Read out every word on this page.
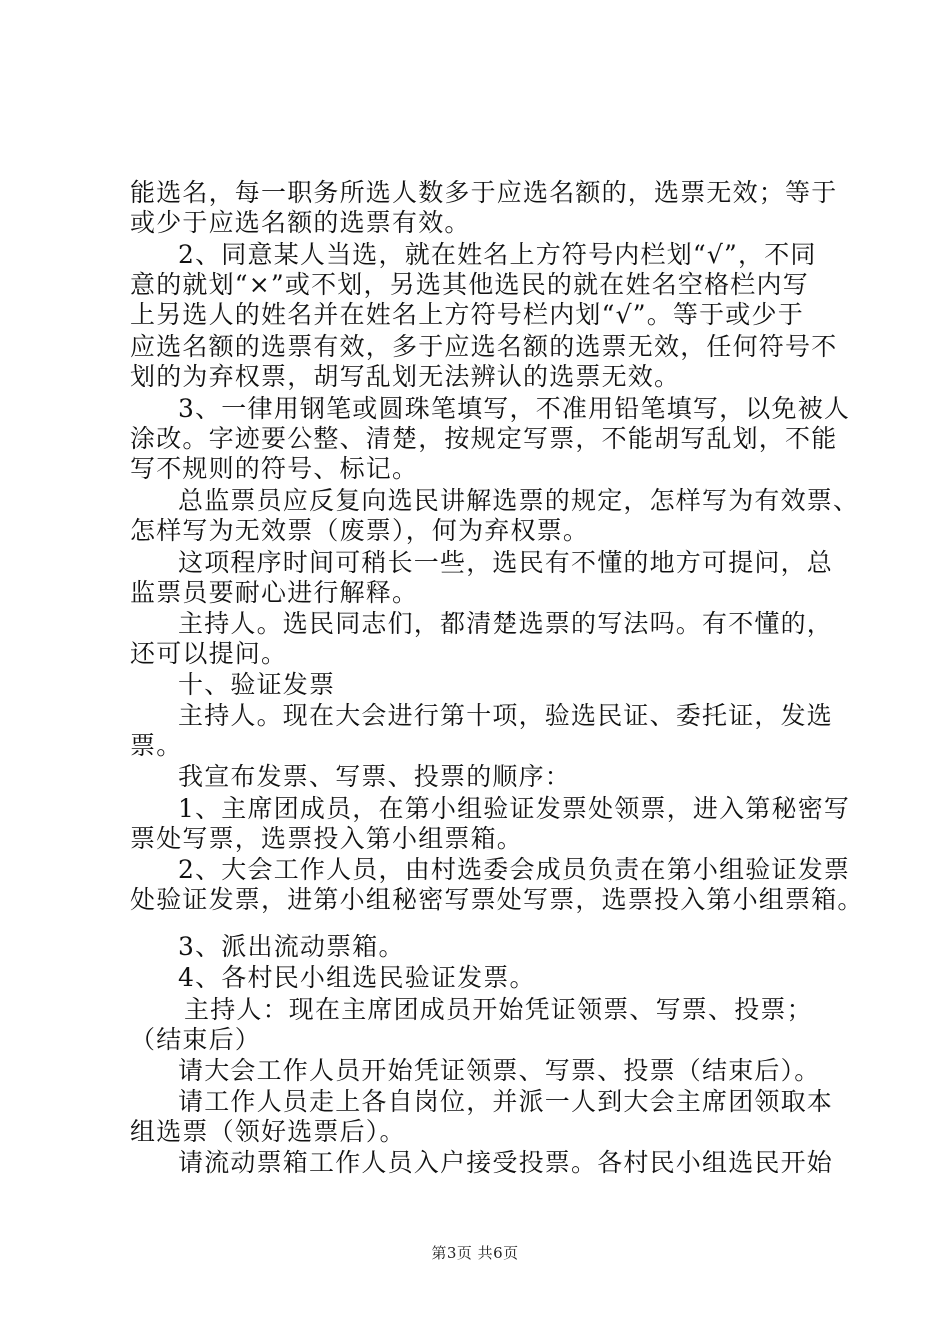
能选名，每一职务所选人数多于应选名额的，选票无效；等于
或少于应选名额的选票有效。
2、同意某人当选，就在姓名上方符号内栏划“√”，不同
意的就划“×”或不划，另选其他选民的就在姓名空格栏内写
上另选人的姓名并在姓名上方符号栏内划“√”。等于或少于
应选名额的选票有效，多于应选名额的选票无效，任何符号不
划的为弃权票，胡写乱划无法辨认的选票无效。
3、一律用钢笔或圆珠笔填写，不准用铅笔填写，以免被人
涂改。字迹要公整、清楚，按规定写票，不能胡写乱划，不能
写不规则的符号、标记。
总监票员应反复向选民讲解选票的规定，怎样写为有效票、
怎样写为无效票（废票），何为弃权票。
这项程序时间可稍长一些，选民有不懂的地方可提问，总
监票员要耐心进行解释。
主持人。选民同志们，都清楚选票的写法吗。有不懂的，
还可以提问。
十、验证发票
主持人。现在大会进行第十项，验选民证、委托证，发选
票。
我宣布发票、写票、投票的顺序：
1、主席团成员，在第小组验证发票处领票，进入第秘密写
票处写票，选票投入第小组票箱。
2、大会工作人员，由村选委会成员负责在第小组验证发票
处验证发票，进第小组秘密写票处写票，选票投入第小组票箱。
3、派出流动票箱。
4、各村民小组选民验证发票。
主持人：现在主席团成员开始凭证领票、写票、投票；
（结束后）
请大会工作人员开始凭证领票、写票、投票（结束后）。
请工作人员走上各自岗位，并派一人到大会主席团领取本
组选票（领好选票后）。
请流动票箱工作人员入户接受投票。各村民小组选民开始
第3页 共6页
